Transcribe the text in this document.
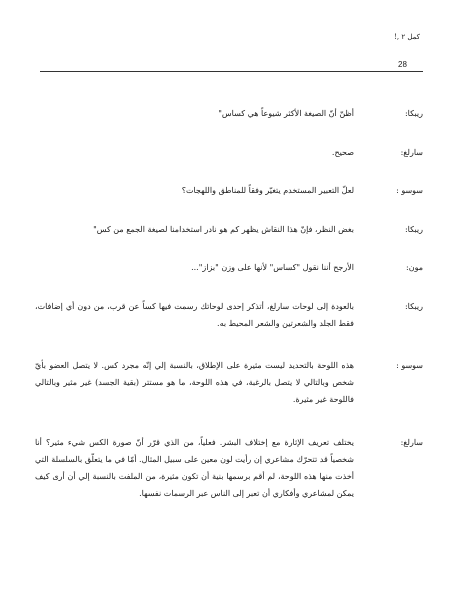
كمل ٢ ,!
28
ريبكا:
أظنّ أنّ الصيغة الأكثر شيوعاً هي كساس"
سارلغ:
صحيح.
سوسو :
لعلّ التعبير المستخدم يتغيّر وفقاً للمناطق واللهجات؟
ريبكا:
بغض النظر، فإنّ هذا النقاش يظهر كم هو نادر استخدامنا لصيغة الجمع من كس"
مون:
الأرجح أننا نقول "كساس" لأنها على وزن "بزاز"...
ريبكا:
بالعودة إلى لوحات سارلغ، أتذكر إحدى لوحاتك رسمت فيها كساً عن قرب، من دون أي إضافات، فقط الجلد والشعرتين والشعر المحيط به.
سوسو :
هذه اللوحة بالتحديد ليست مثيرة على الإطلاق، بالنسبة إلي إنّه مجرد كس. لا يتصل العضو بأيّ شخص وبالتالي لا يتصل بالرغبة، في هذه اللوحة، ما هو مستتر (بقية الجسد) غير مثير وبالتالي فاللوحة غير مثيرة.
سارلغ:
يختلف تعريف الإثارة مع إختلاف البشر. فعلياً، من الذي قرّر أنّ صورة الكس شيء مثير؟ أنا شخصياً قد تتحرّك مشاعري إن رأيت لون معين على سبيل المثال. أمّا في ما يتعلّق بالسلسلة التي أخذت منها هذه اللوحة، لم أقم برسمها بنية أن تكون مثيرة، من الملفت بالنسبة إلي أن أرى كيف يمكن لمشاعري وأفكاري أن تعبر إلى الناس عبر الرسمات نفسها.
